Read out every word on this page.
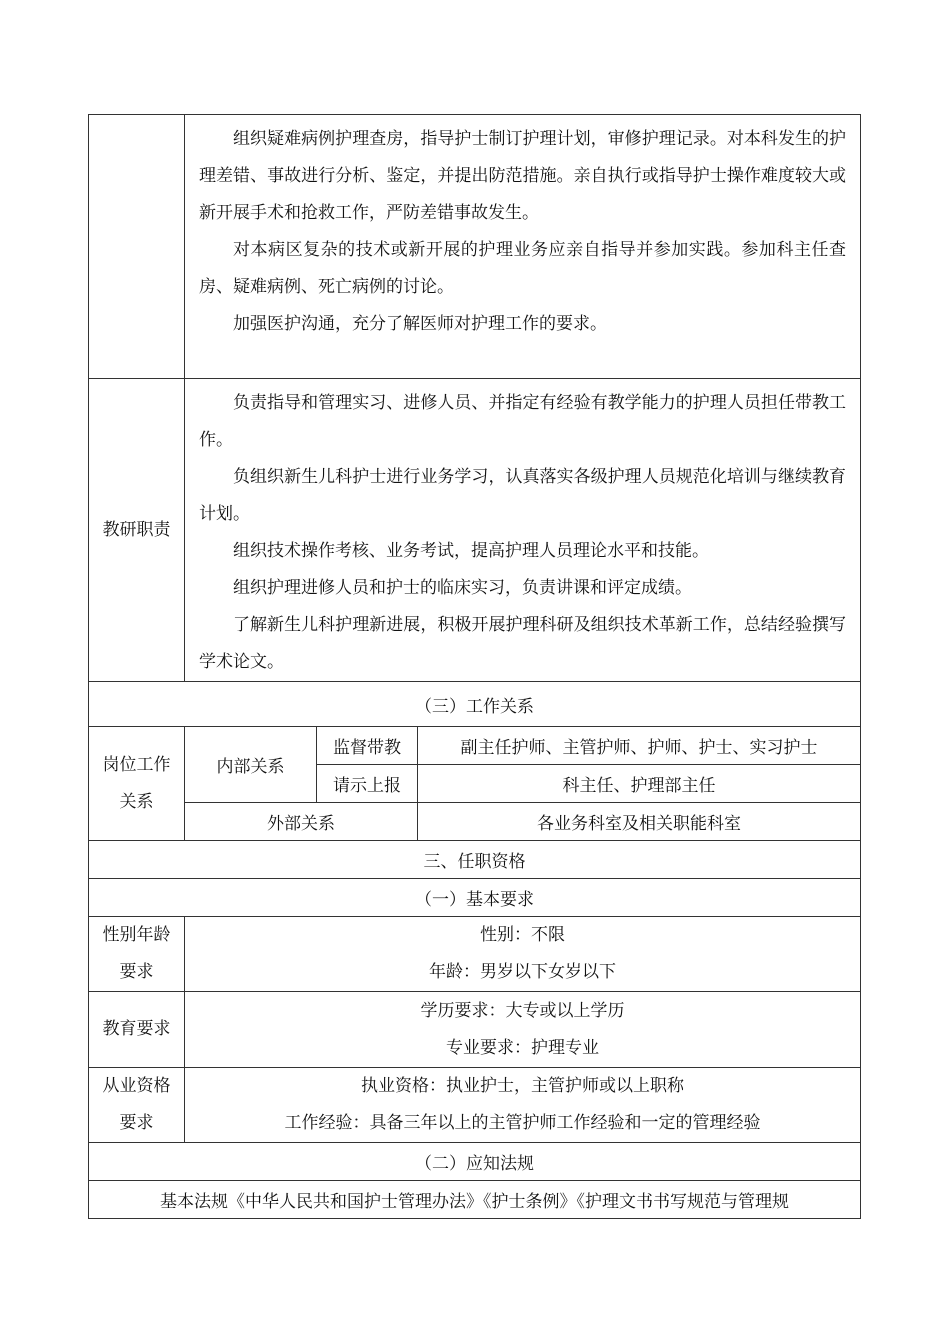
	组织疑难病例护理查房，指导护士制订护理计划，审修护理记录。对本科发生的护理差错、事故进行分析、鉴定，并提出防范措施。亲自执行或指导护士操作难度较大或新开展手术和抢救工作，严防差错事故发生。

对本病区复杂的技术或新开展的护理业务应亲自指导并参加实践。参加科主任查房、疑难病例、死亡病例的讨论。

加强医护沟通，充分了解医师对护理工作的要求。		

教研职责	负责指导和管理实习、进修人员、并指定有经验有教学能力的护理人员担任带教工作。

负组织新生儿科护士进行业务学习，认真落实各级护理人员规范化培训与继续教育计划。

组织技术操作考核、业务考试，提高护理人员理论水平和技能。

组织护理进修人员和护士的临床实习，负责讲课和评定成绩。

了解新生儿科护理新进展，积极开展护理科研及组织技术革新工作，总结经验撰写学术论文。		

（三）工作关系			
岗位工作关系	内部关系	监督带教	副主任护师、主管护师、护师、护士、实习护士
		请示上报	科主任、护理部主任
	外部关系		各业务科室及相关职能科室
三、任职资格			
（一）基本要求			
性别年龄要求	性别：不限
年龄：男岁以下女岁以下		

教育要求	学历要求：大专或以上学历
专业要求：护理专业		

从业资格要求	执业资格：执业护士，主管护师或以上职称
工作经验：具备三年以上的主管护师工作经验和一定的管理经验		

（二）应知法规			
基本法规《中华人民共和国护士管理办法》《护士条例》《护理文书书写规范与管理规			
